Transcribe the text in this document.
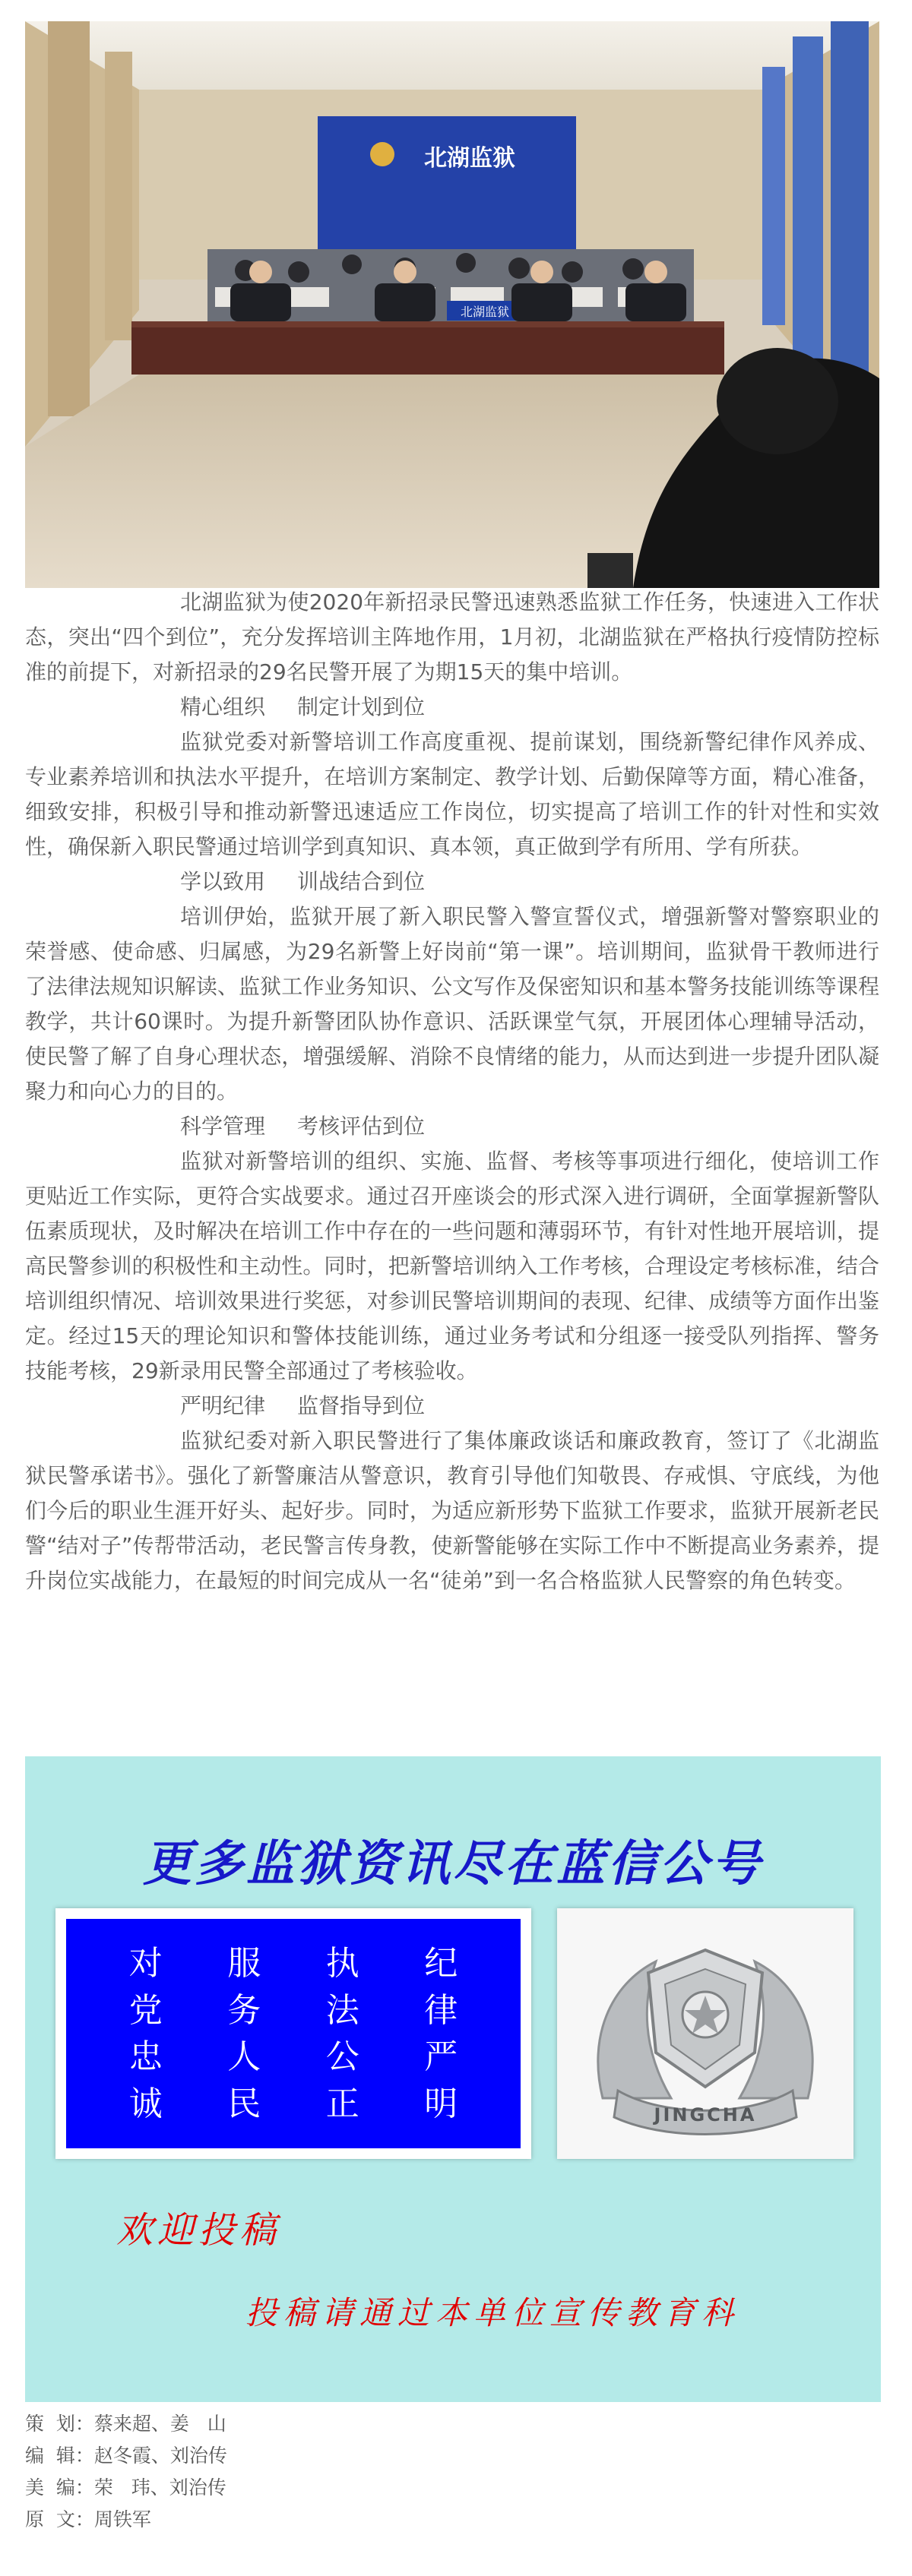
北湖监狱
北湖监狱

北湖监狱为使2020年新招录民警迅速熟悉监狱工作任务，快速进入工作状态，突出“四个到位”，充分发挥培训主阵地作用，1月初，北湖监狱在严格执行疫情防控标准的前提下，对新招录的29名民警开展了为期15天的集中培训。

精心组织 制定计划到位

监狱党委对新警培训工作高度重视、提前谋划，围绕新警纪律作风养成、专业素养培训和执法水平提升，在培训方案制定、教学计划、后勤保障等方面，精心准备，细致安排，积极引导和推动新警迅速适应工作岗位，切实提高了培训工作的针对性和实效性，确保新入职民警通过培训学到真知识、真本领，真正做到学有所用、学有所获。

学以致用 训战结合到位

培训伊始，监狱开展了新入职民警入警宣誓仪式，增强新警对警察职业的荣誉感、使命感、归属感，为29名新警上好岗前“第一课”。培训期间，监狱骨干教师进行了法律法规知识解读、监狱工作业务知识、公文写作及保密知识和基本警务技能训练等课程教学，共计60课时。为提升新警团队协作意识、活跃课堂气氛，开展团体心理辅导活动，使民警了解了自身心理状态，增强缓解、消除不良情绪的能力，从而达到进一步提升团队凝聚力和向心力的目的。

科学管理 考核评估到位

监狱对新警培训的组织、实施、监督、考核等事项进行细化，使培训工作更贴近工作实际，更符合实战要求。通过召开座谈会的形式深入进行调研，全面掌握新警队伍素质现状，及时解决在培训工作中存在的一些问题和薄弱环节，有针对性地开展培训，提高民警参训的积极性和主动性。同时，把新警培训纳入工作考核，合理设定考核标准，结合培训组织情况、培训效果进行奖惩，对参训民警培训期间的表现、纪律、成绩等方面作出鉴定。经过15天的理论知识和警体技能训练，通过业务考试和分组逐一接受队列指挥、警务技能考核，29新录用民警全部通过了考核验收。

严明纪律 监督指导到位

监狱纪委对新入职民警进行了集体廉政谈话和廉政教育，签订了《北湖监狱民警承诺书》。强化了新警廉洁从警意识，教育引导他们知敬畏、存戒惧、守底线，为他们今后的职业生涯开好头、起好步。同时，为适应新形势下监狱工作要求，监狱开展新老民警“结对子”传帮带活动，老民警言传身教，使新警能够在实际工作中不断提高业务素养，提升岗位实战能力，在最短的时间完成从一名“徒弟”到一名合格监狱人民警察的角色转变。

更多监狱资讯尽在蓝信公号
对	服	执	纪
党	务	法	律
忠	人	公	严
诚	民	正	明	JINGCHA
欢迎投稿
投稿请通过本单位宣传教育科
策  划：蔡来超、姜   山
编  辑：赵冬霞、刘治传
美  编：荣   玮、刘治传
原  文：周铁军
